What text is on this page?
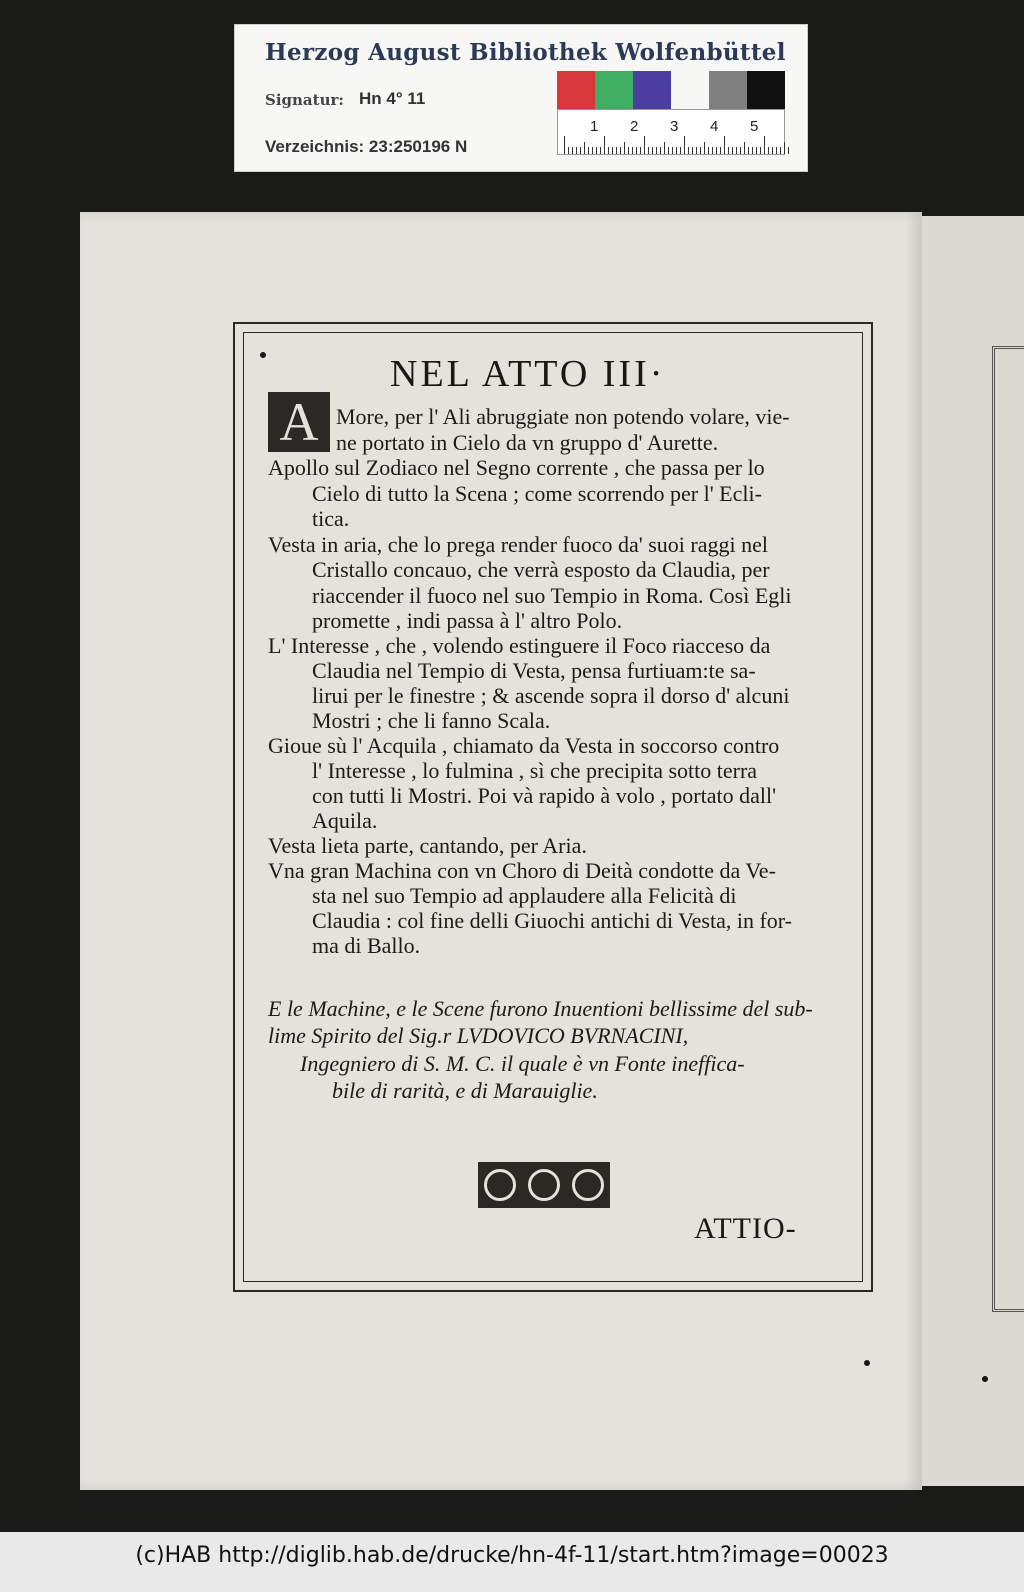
Herzog August Bibliothek Wolfenbüttel
Signatur: Hn 4° 11
Verzeichnis: 23:250196 N
1 2 3 4 5
NEL ATTO III·
A More, per l' Ali abruggiate non potendo volare, vie-
ne portato in Cielo da vn gruppo d' Aurette.
Apollo sul Zodiaco nel Segno corrente , che passa per lo
Cielo di tutto la Scena ; come scorrendo per l' Ecli-
tica.
Vesta in aria, che lo prega render fuoco da' suoi raggi nel
Cristallo concauo, che verrà esposto da Claudia, per
riaccender il fuoco nel suo Tempio in Roma. Così Egli
promette , indi passa à l' altro Polo.
L' Interesse , che , volendo estinguere il Foco riacceso da
Claudia nel Tempio di Vesta, pensa furtiuam:te sa-
lirui per le finestre ; & ascende sopra il dorso d' alcuni
Mostri ; che li fanno Scala.
Gioue sù l' Acquila , chiamato da Vesta in soccorso contro
l' Interesse , lo fulmina , sì che precipita sotto terra
con tutti li Mostri. Poi và rapido à volo , portato dall'
Aquila.
Vesta lieta parte, cantando, per Aria.
Vna gran Machina con vn Choro di Deità condotte da Ve-
sta nel suo Tempio ad applaudere alla Felicità di
Claudia : col fine delli Giuochi antichi di Vesta, in for-
ma di Ballo.
E le Machine, e le Scene furono Inuentioni bellissime del sub-
lime Spirito del Sig.r LVDOVICO BVRNACINI,
Ingegniero di S. M. C. il quale è vn Fonte ineffica-
bile di rarità, e di Marauiglie.
ATTIO-
(c)HAB http://diglib.hab.de/drucke/hn-4f-11/start.htm?image=00023
